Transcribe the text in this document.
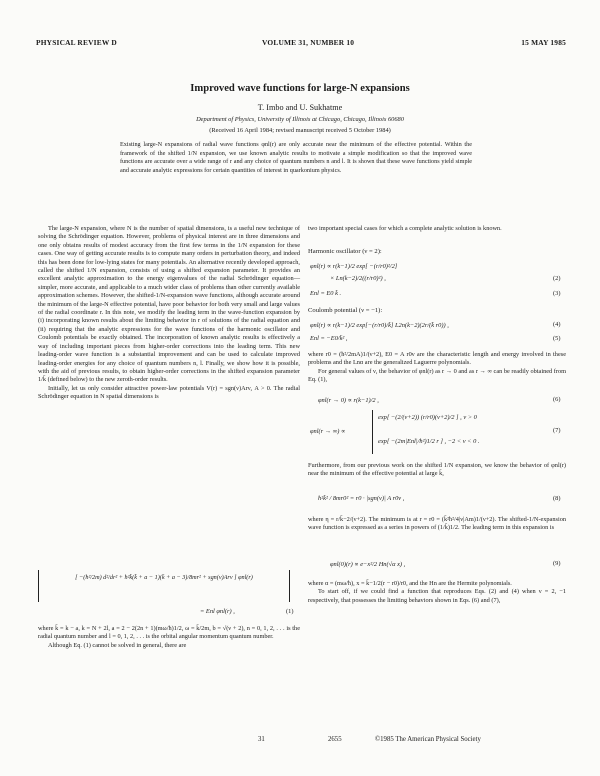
PHYSICAL REVIEW D	VOLUME 31, NUMBER 10	15 MAY 1985
Improved wave functions for large-N expansions
T. Imbo and U. Sukhatme
Department of Physics, University of Illinois at Chicago, Chicago, Illinois 60680
(Received 16 April 1984; revised manuscript received 5 October 1984)
Existing large-N expansions of radial wave functions φnl(r) are only accurate near the minimum of the effective potential. Within the framework of the shifted 1/N expansion, we use known analytic results to motivate a simple modification so that the improved wave functions are accurate over a wide range of r and any choice of quantum numbers n and l. It is shown that these wave functions yield simple and accurate analytic expressions for certain quantities of interest in quarkonium physics.

The large-N expansion, where N is the number of spatial dimensions, is a useful new technique of solving the Schrödinger equation. However, problems of physical interest are in three dimensions and one only obtains results of modest accuracy from the first few terms in the 1/N expansion for these cases. One way of getting accurate results is to compute many orders in perturbation theory, and indeed this has been done for low-lying states for many potentials. An alternative recently developed approach, called the shifted 1/N expansion, consists of using a shifted expansion parameter. It provides an excellent analytic approximation to the energy eigenvalues of the radial Schrödinger equation—simpler, more accurate, and applicable to a much wider class of problems than other currently available approximation schemes. However, the shifted-1/N-expansion wave functions, although accurate around the minimum of the large-N effective potential, have poor behavior for both very small and large values of the radial coordinate r. In this note, we modify the leading term in the wave-function expansion by (i) incorporating known results about the limiting behavior in r of solutions of the radial equation and (ii) requiring that the analytic expressions for the wave functions of the harmonic oscillator and Coulomb potentials be exactly obtained. The incorporation of known analytic results is effectively a way of including important pieces from higher-order corrections into the leading term. This new leading-order wave function is a substantial improvement and can be used to calculate improved leading-order energies for any choice of quantum numbers n, l. Finally, we show how it is possible, with the aid of previous results, to obtain higher-order corrections in the shifted expansion parameter 1/k̄ (defined below) to the new zeroth-order results.

Initially, let us only consider attractive power-law potentials V(r) = sgn(ν)Arν, A > 0. The radial Schrödinger equation in N spatial dimensions is

[ −(ħ²/2m) d²/dr² + ħ²k̄(k̄ + a − 1)(k̄ + a − 3)/8mr² + sgn(ν)Arν ] φnl(r)
= Enl φnl(r) ,	(1)

where k̄ = k − a, k = N + 2l, a = 2 − 2(2n + 1)(mω/ħ)1/2, ω = k̄/2m, b = √(ν + 2), n = 0, 1, 2, . . . is the radial quantum number and l = 0, 1, 2, . . . is the orbital angular momentum quantum number.

Although Eq. (1) cannot be solved in general, there are

two important special cases for which a complete analytic solution is known.

Harmonic oscillator (ν = 2):
φnl(r) ∝ r(k−1)/2 exp[ −(r/r0)²/2]
× Ln(k−2)/2((r/r0)²) ,	(2)
Enl = E0 k̄ .	(3)
Coulomb potential (ν = −1):
φnl(r) ∝ r(k−1)/2 exp[−(r/r0)/k̄] L2n(k−2)(2r/(k̄ r0)) ,	(4)
Enl = −E0/k̄² ,	(5)

where r0 = (ħ²/2mA)1/(ν+2), E0 = A r0ν are the characteristic length and energy involved in these problems and the Lnα are the generalized Laguerre polynomials.

For general values of ν, the behavior of φnl(r) as r → 0 and as r → ∞ can be readily obtained from Eq. (1),

φnl(r → 0) ∝ r(k−1)/2 ,	(6)
φnl(r → ∞) ∝
exp[ −(2/(ν+2)) (r/r0)(ν+2)/2 ] , ν > 0
exp[ −(2m|Enl|/ħ²)1/2 r ] , −2 < ν < 0 .
(7)

Furthermore, from our previous work on the shifted 1/N expansion, we know the behavior of φnl(r) near the minimum of the effective potential at large k̄,

ħ²k̄² / 8mr0² = r0 ∙ |sgn(ν)| A r0ν ,	(8)

where η = r/k̄−2/(ν+2). The minimum is at r = r0 = (k̄²ħ²/4|ν|Am)1/(ν+2). The shifted-1/N-expansion wave function is expressed as a series in powers of (1/k̄)1/2. The leading term in this expansion is

φnl(0)(r) ∝ e−x²/2 Hn(√α x) ,	(9)

where α = (mω/ħ), x = k̄−1/2(r − r0)/r0, and the Hn are the Hermite polynomials.

To start off, if we could find a function that reproduces Eqs. (2) and (4) when ν = 2, −1 respectively, that possesses the limiting behaviors shown in Eqs. (6) and (7),

31	2655	©1985 The American Physical Society
